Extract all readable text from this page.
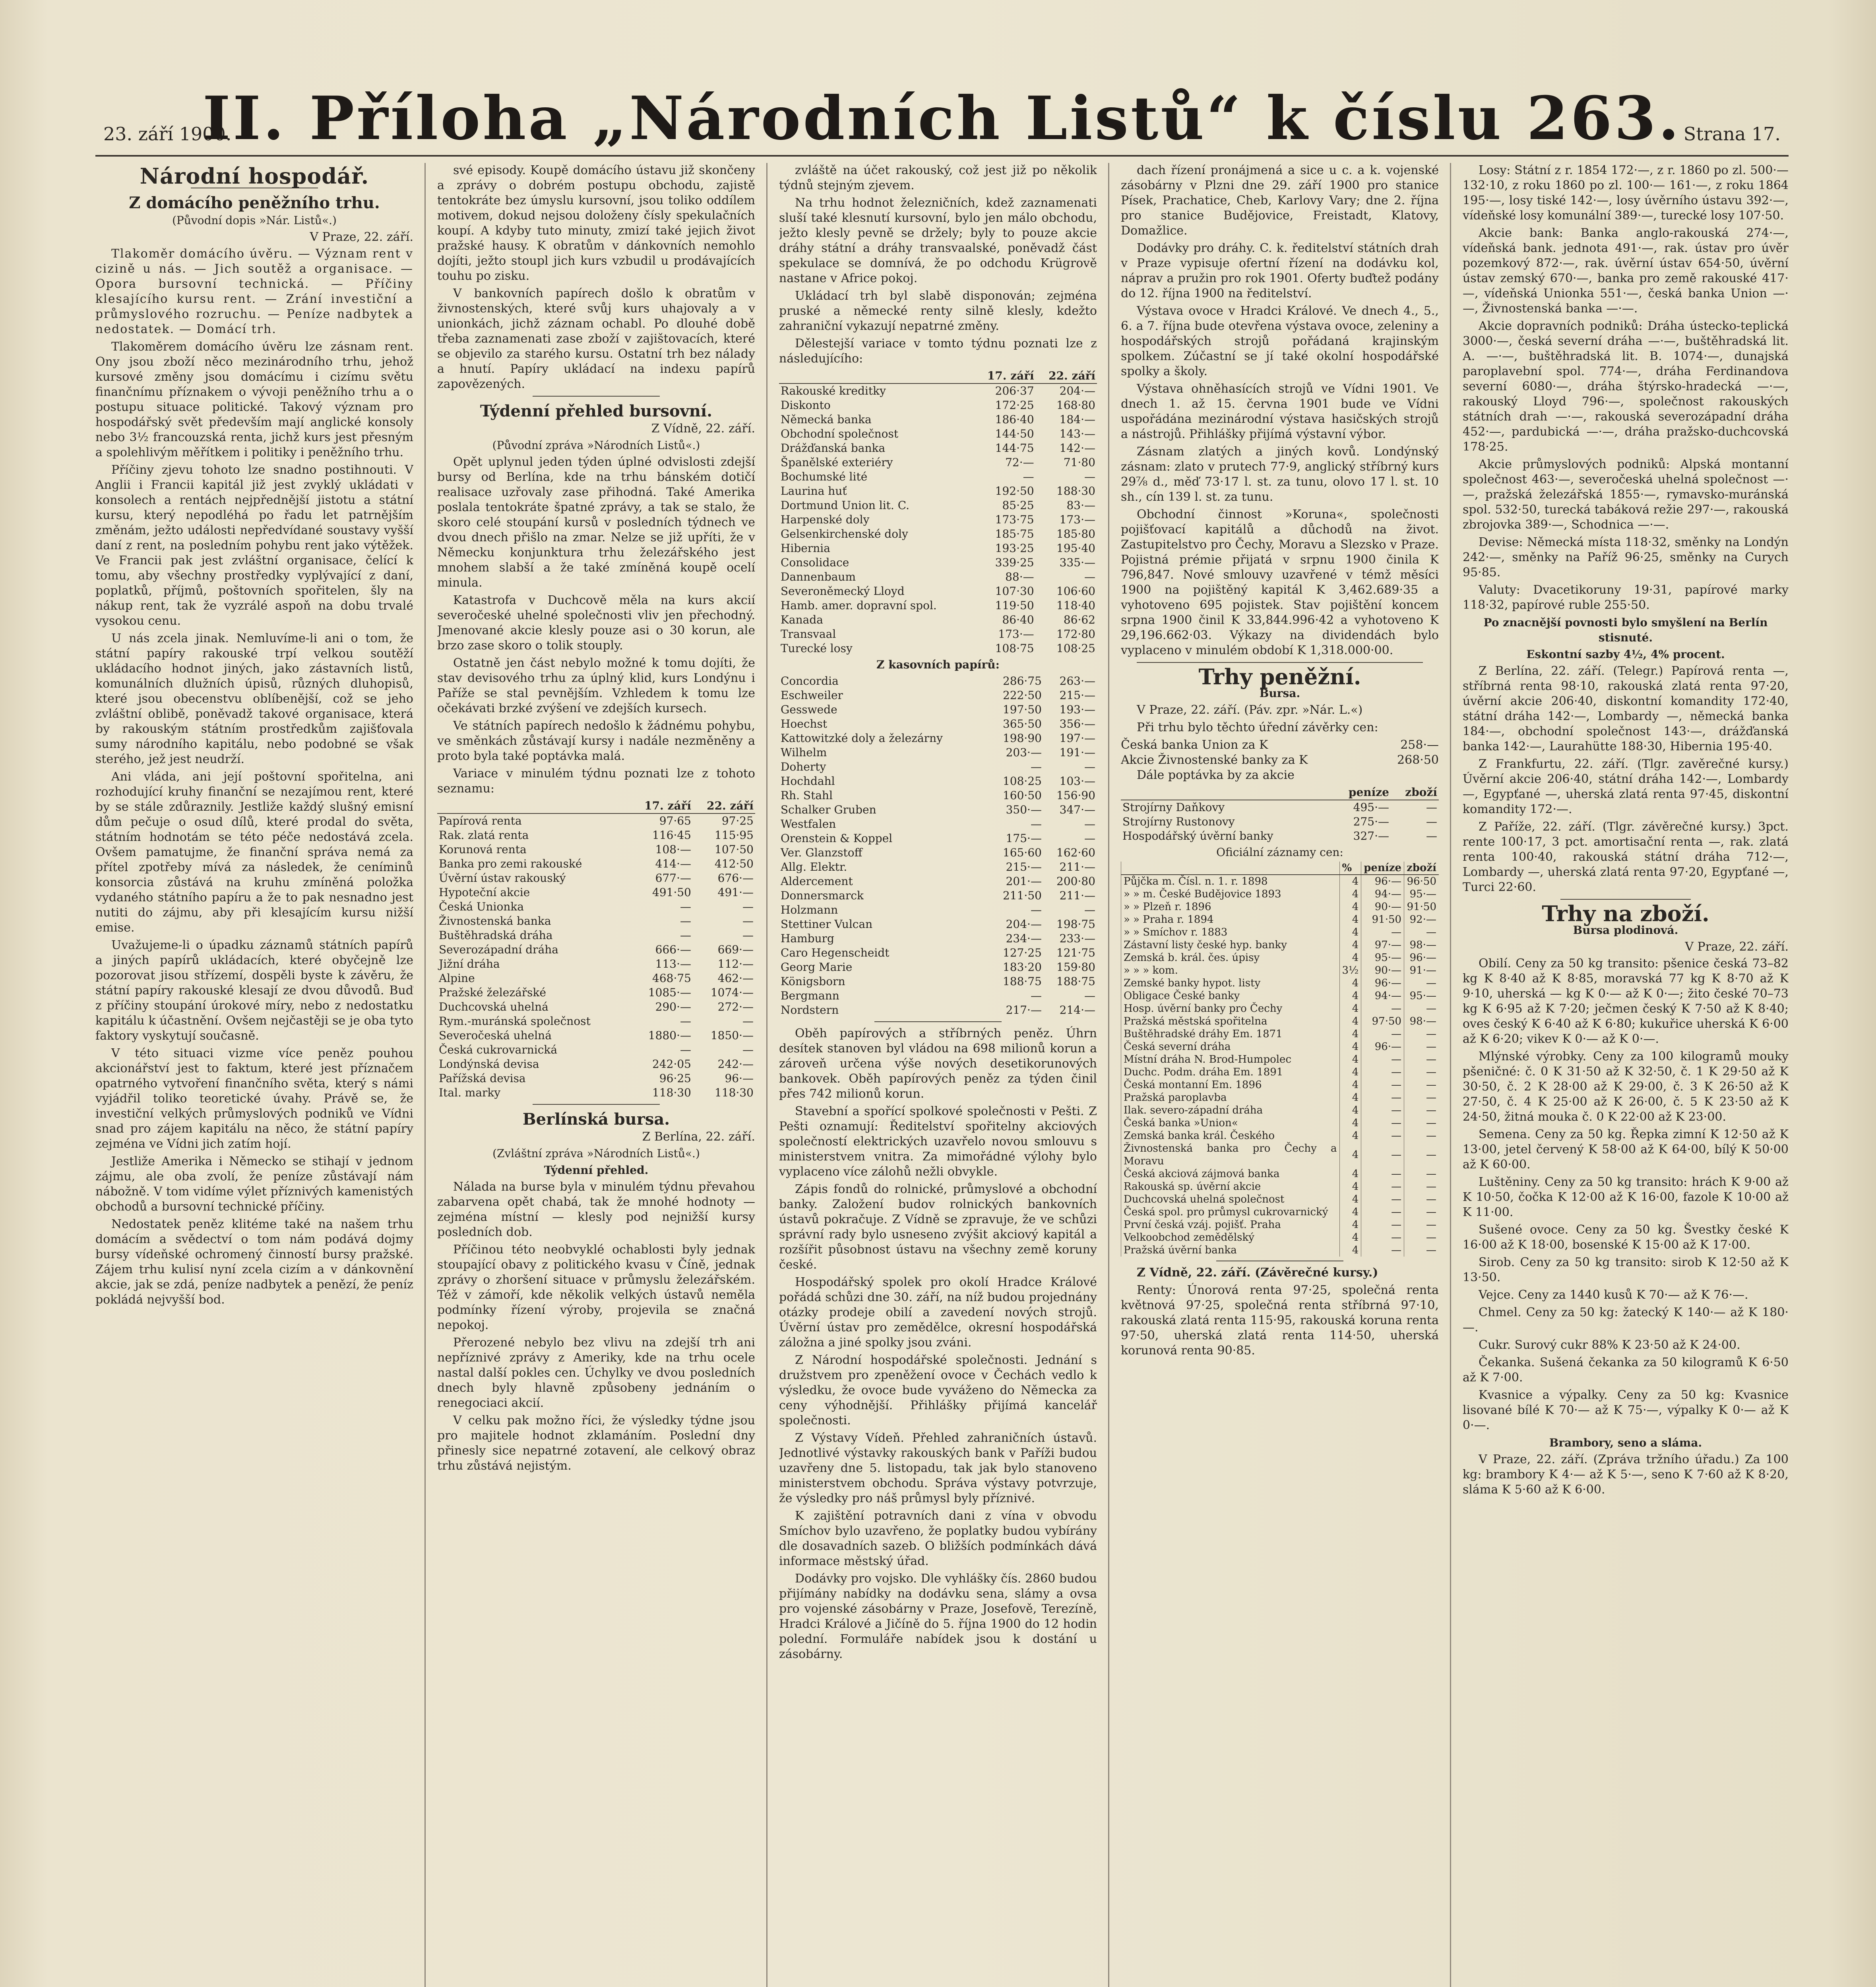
23. září 1900.
II. Příloha „Národních Listů“ k číslu 263. Strana 17.
Národní hospodář.
Z domácího peněžního trhu.
(Původní dopis »Nár. Listů«.)
V Praze, 22. září.

Tlakoměr domácího úvěru. — Význam rent v cizině u nás. — Jich soutěž a organisace. — Opora bursovní technická. — Příčiny klesajícího kursu rent. — Zrání investiční a průmyslového rozruchu. — Peníze nadbytek a nedostatek. — Domácí trh.

Tlakoměrem domácího úvěru lze zásnam rent. Ony jsou zboží něco mezinárodního trhu, jehož kursové změny jsou domácímu i cizímu světu finančnímu příznakem o vývoji peněžního trhu a o postupu situace politické. Takový význam pro hospodářský svět především mají anglické konsoly nebo 3½ francouzská renta, jichž kurs jest přesným a spolehlivým měřítkem i politiky i peněžního trhu.

Příčiny zjevu tohoto lze snadno postihnouti. V Anglii i Francii kapitál již jest zvyklý ukládati v konsolech a rentách nejpřednější jistotu a státní kursu, který nepodléhá po řadu let patrnějším změnám, ježto události nepředvídané soustavy vyšší daní z rent, na posledním pohybu rent jako výtěžek. Ve Francii pak jest zvláštní organisace, čelící k tomu, aby všechny prostředky vyplývající z daní, poplatků, příjmů, poštovních spořitelen, šly na nákup rent, tak že vyzrálé aspoň na dobu trvalé vysokou cenu.

U nás zcela jinak. Nemluvíme-li ani o tom, že státní papíry rakouské trpí velkou soutěží ukládacího hodnot jiných, jako zástavních listů, komunálních dlužních úpisů, různých dluhopisů, které jsou obecenstvu oblíbenější, což se jeho zvláštní oblibě, poněvadž takové organisace, která by rakouským státním prostředkům zajišťovala sumy národního kapitálu, nebo podobné se však sterého, jež jest neudrží.

Ani vláda, ani její poštovní spořitelna, ani rozhodující kruhy finanční se nezajímou rent, které by se stále zdůraznily. Jestliže každý slušný emisní dům pečuje o osud dílů, které prodal do světa, státním hodnotám se této péče nedostává zcela. Ovšem pamatujme, že finanční správa nemá za přítel zpotřeby mívá za následek, že ceníminů konsorcia zůstává na kruhu zmíněná položka vydaného státního papíru a že to pak nesnadno jest nutiti do zájmu, aby při klesajícím kursu nižší emise.

Uvažujeme-li o úpadku záznamů státních papírů a jiných papírů ukládacích, které obyčejně lze pozorovat jisou střízemí, dospěli byste k závěru, že státní papíry rakouské klesají ze dvou důvodů. Buď z příčiny stoupání úrokové míry, nebo z nedostatku kapitálu k účastnění. Ovšem nejčastěji se je oba tyto faktory vyskytují současně.

V této situaci vizme více peněz pouhou akcionářství jest to faktum, které jest příznačem opatrného vytvoření finančního světa, který s námi vyjádřil toliko teoretické úvahy. Právě se, že investiční velkých průmyslových podniků ve Vídni snad pro zájem kapitálu na něco, že státní papíry zejména ve Vídni jich zatím hojí.

Jestliže Amerika i Německo se stihají v jednom zájmu, ale oba zvolí, že peníze zůstávají nám nábožně. V tom vidíme výlet příznivých kamenistých obchodů a bursovní technické příčiny.

Nedostatek peněz klitéme také na našem trhu domácím a svědectví o tom nám podává dojmy bursy vídeňské ochromený činností bursy pražské. Zájem trhu kulisí nyní zcela cizím a v dánkovnění akcie, jak se zdá, peníze nadbytek a penězí, že peníz pokládá nejvyšší bod.

své episody. Koupě domácího ústavu již skončeny a zprávy o dobrém postupu obchodu, zajistě tentokráte bez úmyslu kursovní, jsou toliko oddílem motivem, dokud nejsou doloženy čísly spekulačních koupí. A kdyby tuto minuty, zmizí také jejich život pražské hausy. K obratům v dánkovních nemohlo dojíti, ježto stoupl jich kurs vzbudil u prodávajících touhu po zisku.

V bankovních papírech došlo k obratům v živnostenských, které svůj kurs uhajovaly a v unionkách, jichž záznam ochabl. Po dlouhé době třeba zaznamenati zase zboží v zajištovacích, které se objevilo za starého kursu. Ostatní trh bez nálady a hnutí. Papíry ukládací na indexu papírů zapovězených.

Týdenní přehled bursovní.
Z Vídně, 22. září.
(Původní zpráva »Národních Listů«.)

Opět uplynul jeden týden úplné odvislosti zdejší bursy od Berlína, kde na trhu bánském dotičí realisace uzřovaly zase přihodná. Také Amerika poslala tentokráte špatné zprávy, a tak se stalo, že skoro celé stoupání kursů v posledních týdnech ve dvou dnech přišlo na zmar. Nelze se již upříti, že v Německu konjunktura trhu železářského jest mnohem slabší a že také zmíněná koupě ocelí minula.

Katastrofa v Duchcově měla na kurs akcií severočeské uhelné společnosti vliv jen přechodný. Jmenované akcie klesly pouze asi o 30 korun, ale brzo zase skoro o tolik stouply.

Ostatně jen část nebylo možné k tomu dojíti, že stav devisového trhu za úplný klid, kurs Londýnu i Paříže se stal pevnějším. Vzhledem k tomu lze očekávati brzké zvýšení ve zdejších kursech.

Ve státních papírech nedošlo k žádnému pohybu, ve směnkách zůstávají kursy i nadále nezměněny a proto byla také poptávka malá.

Variace v minulém týdnu poznati lze z tohoto seznamu:

	17. září	22. září
Papírová renta	97·65	97·25
Rak. zlatá renta	116·45	115·95
Korunová renta	108·—	107·50
Banka pro zemi rakouské	414·—	412·50
Úvěrní ústav rakouský	677·—	676·—
Hypoteční akcie	491·50	491·—
Česká Unionka	—	—
Živnostenská banka	—	—
Buštěhradská dráha	—	—
Severozápadní dráha	666·—	669·—
Jižní dráha	113·—	112·—
Alpine	468·75	462·—
Pražské železářské	1085·—	1074·—
Duchcovská uhelná	290·—	272·—
Rym.-muránská společnost	—	—
Severočeská uhelná	1880·—	1850·—
Česká cukrovarnická	—	—
Londýnská devisa	242·05	242·—
Pařížská devisa	96·25	96·—
Ital. marky	118·30	118·30
Berlínská bursa.
Z Berlína, 22. září.
(Zvláštní zpráva »Národních Listů«.)
Týdenní přehled.

Nálada na burse byla v minulém týdnu převahou zabarvena opět chabá, tak že mnohé hodnoty — zejména místní — klesly pod nejnižší kursy posledních dob.

Příčinou této neobvyklé ochablosti byly jednak stoupající obavy z politického kvasu v Číně, jednak zprávy o zhoršení situace v průmyslu železářském. Též v zámoří, kde několik velkých ústavů neměla podmínky řízení výroby, projevila se značná nepokoj.

Přerozené nebylo bez vlivu na zdejší trh ani nepříznivé zprávy z Ameriky, kde na trhu ocele nastal další pokles cen. Úchylky ve dvou posledních dnech byly hlavně způsobeny jednáním o renegociaci akcií.

V celku pak možno říci, že výsledky týdne jsou pro majitele hodnot zklamáním. Poslední dny přinesly sice nepatrné zotavení, ale celkový obraz trhu zůstává nejistým.

zvláště na účet rakouský, což jest již po několik týdnů stejným zjevem.

Na trhu hodnot železničních, kdež zaznamenati sluší také klesnutí kursovní, bylo jen málo obchodu, ježto klesly pevně se držely; byly to pouze akcie dráhy státní a dráhy transvaalské, poněvadž část spekulace se domnívá, že po odchodu Krügrově nastane v Africe pokoj.

Ukládací trh byl slabě disponován; zejména pruské a německé renty silně klesly, kdežto zahraniční vykazují nepatrné změny.

Dělestejší variace v tomto týdnu poznati lze z následujícího:

	17. září	22. září
Rakouské kreditky	206·37	204·—
Diskonto	172·25	168·80
Německá banka	186·40	184·—
Obchodní společnost	144·50	143·—
Drážďanská banka	144·75	142·—
Španělské exteriéry	72·—	71·80
Bochumské lité	—	—
Laurina huť	192·50	188·30
Dortmund Union lit. C.	85·25	83·—
Harpenské doly	173·75	173·—
Gelsenkirchenské doly	185·75	185·80
Hibernia	193·25	195·40
Consolidace	339·25	335·—
Dannenbaum	88·—	—
Severoněmecký Lloyd	107·30	106·60
Hamb. amer. dopravní spol.	119·50	118·40
Kanada	86·40	86·62
Transvaal	173·—	172·80
Turecké losy	108·75	108·25
Z kasovních papírů:
Concordia	286·75	263·—
Eschweiler	222·50	215·—
Gesswede	197·50	193·—
Hoechst	365·50	356·—
Kattowitzké doly a železárny	198·90	197·—
Wilhelm	203·—	191·—
Doherty	—	—
Hochdahl	108·25	103·—
Rh. Stahl	160·50	156·90
Schalker Gruben	350·—	347·—
Westfalen	—	—
Orenstein & Koppel	175·—	—
Ver. Glanzstoff	165·60	162·60
Allg. Elektr.	215·—	211·—
Aldercement	201·—	200·80
Donnersmarck	211·50	211·—
Holzmann	—	—
Stettiner Vulcan	204·—	198·75
Hamburg	234·—	233·—
Caro Hegenscheidt	127·25	121·75
Georg Marie	183·20	159·80
Königsborn	188·75	188·75
Bergmann	—	—
Nordstern	217·—	214·—

Oběh papírových a stříbrných peněz. Úhrn desítek stanoven byl vládou na 698 milionů korun a zároveň určena výše nových desetikorunových bankovek. Oběh papírových peněz za týden činil přes 742 milionů korun.

Stavební a spořící spolkové společnosti v Pešti. Z Pešti oznamují: Ředitelství spořitelny akciových společností elektrických uzavřelo novou smlouvu s ministerstvem vnitra. Za mimořádné výlohy bylo vyplaceno více zálohů nežli obvykle.

Zápis fondů do rolnické, průmyslové a obchodní banky. Založení budov rolnických bankovních ústavů pokračuje. Z Vídně se zpravuje, že ve schůzi správní rady bylo usneseno zvýšit akciový kapitál a rozšířit působnost ústavu na všechny země koruny české.

Hospodářský spolek pro okolí Hradce Králové pořádá schůzi dne 30. září, na níž budou projednány otázky prodeje obilí a zavedení nových strojů. Úvěrní ústav pro zemědělce, okresní hospodářská záložna a jiné spolky jsou zváni.

Z Národní hospodářské společnosti. Jednání s družstvem pro zpeněžení ovoce v Čechách vedlo k výsledku, že ovoce bude vyváženo do Německa za ceny výhodnější. Přihlášky přijímá kancelář společnosti.

Z Výstavy Vídeň. Přehled zahraničních ústavů. Jednotlivé výstavky rakouských bank v Paříži budou uzavřeny dne 5. listopadu, tak jak bylo stanoveno ministerstvem obchodu. Správa výstavy potvrzuje, že výsledky pro náš průmysl byly příznivé.

K zajištění potravních dani z vína v obvodu Smíchov bylo uzavřeno, že poplatky budou vybírány dle dosavadních sazeb. O bližších podmínkách dává informace městský úřad.

Dodávky pro vojsko. Dle vyhlášky čís. 2860 budou přijímány nabídky na dodávku sena, slámy a ovsa pro vojenské zásobárny v Praze, Josefově, Terezíně, Hradci Králové a Jičíně do 5. října 1900 do 12 hodin polední. Formuláře nabídek jsou k dostání u zásobárny.

dach řízení pronájmená a sice u c. a k. vojenské zásobárny v Plzni dne 29. září 1900 pro stanice Písek, Prachatice, Cheb, Karlovy Vary; dne 2. října pro stanice Budějovice, Freistadt, Klatovy, Domažlice.

Dodávky pro dráhy. C. k. ředitelství státních drah v Praze vypisuje ofertní řízení na dodávku kol, náprav a pružin pro rok 1901. Oferty buďtež podány do 12. října 1900 na ředitelství.

Výstava ovoce v Hradci Králové. Ve dnech 4., 5., 6. a 7. října bude otevřena výstava ovoce, zeleniny a hospodářských strojů pořádaná krajinským spolkem. Zúčastní se jí také okolní hospodářské spolky a školy.

Výstava ohněhasících strojů ve Vídni 1901. Ve dnech 1. až 15. června 1901 bude ve Vídni uspořádána mezinárodní výstava hasičských strojů a nástrojů. Přihlášky přijímá výstavní výbor.

Zásnam zlatých a jiných kovů. Londýnský zásnam: zlato v prutech 77·9, anglický stříbrný kurs 29⅞ d., měď 73·17 l. st. za tunu, olovo 17 l. st. 10 sh., cín 139 l. st. za tunu.

Obchodní činnost »Koruna«, společnosti pojišťovací kapitálů a důchodů na život. Zastupitelstvo pro Čechy, Moravu a Slezsko v Praze. Pojistná prémie přijatá v srpnu 1900 činila K 796,847. Nové smlouvy uzavřené v témž měsíci 1900 na pojištěný kapitál K 3,462.689·35 a vyhotoveno 695 pojistek. Stav pojištění koncem srpna 1900 činil K 33,844.996·42 a vyhotoveno K 29,196.662·03. Výkazy na dividendách bylo vyplaceno v minulém období K 1,318.000·00.

Trhy peněžní.
Bursa.

V Praze, 22. září. (Páv. zpr. »Nár. L.«)

Při trhu bylo těchto úřední závěrky cen:

Česká banka Union za K	258·—
Akcie Živnostenské banky za K	268·50

Dále poptávka by za akcie

	peníze	zboží
Strojírny Daňkovy	495·—	—
Strojírny Rustonovy	275·—	—
Hospodářský úvěrní banky	327·—	—
Oficiální záznamy cen:
	%	peníze	zboží
Půjčka m. Čísl. n. 1. r. 1898	4	96·—	96·50
» » m. České Budějovice 1893	4	94·—	95·—
» » Plzeň r. 1896	4	90·—	91·50
» » Praha r. 1894	4	91·50	92·—
» » Smíchov r. 1883	4	—	—
Zástavní listy české hyp. banky	4	97·—	98·—
Zemská b. král. čes. úpisy	4	95·—	96·—
» » » kom.	3½	90·—	91·—
Zemské banky hypot. listy	4	96·—	—
Obligace České banky	4	94·—	95·—
Hosp. úvěrní banky pro Čechy	4	—	—
Pražská městská spořitelna	4	97·50	98·—
Buštěhradské dráhy Em. 1871	4	—	—
Česká severní dráha	4	96·—	—
Místní dráha N. Brod-Humpolec	4	—	—
Duchc. Podm. dráha Em. 1891	4	—	—
Česká montanní Em. 1896	4	—	—
Pražská paroplavba	4	—	—
Ilak. severo-západní dráha	4	—	—
Česká banka »Union«	4	—	—
Zemská banka král. Českého	4	—	—
Živnostenská banka pro Čechy a Moravu	4	—	—
Česká akciová zájmová banka	4	—	—
Rakouská sp. úvěrní akcie	4	—	—
Duchcovská uhelná společnost	4	—	—
Česká spol. pro průmysl cukrovarnický	4	—	—
První česká vzáj. pojišť. Praha	4	—	—
Velkoobchod zemědělský	4	—	—
Pražská úvěrní banka	4	—	—

Z Vídně, 22. září. (Závěrečné kursy.)

Renty: Únorová renta 97·25, společná renta květnová 97·25, společná renta stříbrná 97·10, rakouská zlatá renta 115·95, rakouská koruna renta 97·50, uherská zlatá renta 114·50, uherská korunová renta 90·85.

Losy: Státní z r. 1854 172·—, z r. 1860 po zl. 500·— 132·10, z roku 1860 po zl. 100·— 161·—, z roku 1864 195·—, losy tiské 142·—, losy úvěrního ústavu 392·—, vídeňské losy komunální 389·—, turecké losy 107·50.

Akcie bank: Banka anglo-rakouská 274·—, vídeňská bank. jednota 491·—, rak. ústav pro úvěr pozemkový 872·—, rak. úvěrní ústav 654·50, úvěrní ústav zemský 670·—, banka pro země rakouské 417·—, vídeňská Unionka 551·—, česká banka Union —·—, Živnostenská banka —·—.

Akcie dopravních podniků: Dráha ústecko-teplická 3000·—, česká severní dráha —·—, buštěhradská lit. A. —·—, buštěhradská lit. B. 1074·—, dunajská paroplavební spol. 774·—, dráha Ferdinandova severní 6080·—, dráha štýrsko-hradecká —·—, rakouský Lloyd 796·—, společnost rakouských státních drah —·—, rakouská severozápadní dráha 452·—, pardubická —·—, dráha pražsko-duchcovská 178·25.

Akcie průmyslových podniků: Alpská montanní společnost 463·—, severočeská uhelná společnost —·—, pražská železářská 1855·—, rymavsko-muránská spol. 532·50, turecká tabáková režie 297·—, rakouská zbrojovka 389·—, Schodnica —·—.

Devise: Německá místa 118·32, směnky na Londýn 242·—, směnky na Paříž 96·25, směnky na Curych 95·85.

Valuty: Dvacetikoruny 19·31, papírové marky 118·32, papírové ruble 255·50.

Po znacnější povnosti bylo smyšlení na Berlín stisnuté.
Eskontní sazby 4½, 4% procent.

Z Berlína, 22. září. (Telegr.) Papírová renta —, stříbrná renta 98·10, rakouská zlatá renta 97·20, úvěrní akcie 206·40, diskontní komandity 172·40, státní dráha 142·—, Lombardy —, německá banka 184·—, obchodní společnost 143·—, drážďanská banka 142·—, Laurahütte 188·30, Hibernia 195·40.

Z Frankfurtu, 22. září. (Tlgr. zavěrečné kursy.) Úvěrní akcie 206·40, státní dráha 142·—, Lombardy —, Egypťané —, uherská zlatá renta 97·45, diskontní komandity 172·—.

Z Paříže, 22. září. (Tlgr. závěrečné kursy.) 3pct. rente 100·17, 3 pct. amortisační renta —, rak. zlatá renta 100·40, rakouská státní dráha 712·—, Lombardy —, uherská zlatá renta 97·20, Egypťané —, Turci 22·60.

Trhy na zboží.
Bursa plodinová.
V Praze, 22. září.

Obilí. Ceny za 50 kg transito: pšenice česká 73–82 kg K 8·40 až K 8·85, moravská 77 kg K 8·70 až K 9·10, uherská — kg K 0·— až K 0·—; žito české 70–73 kg K 6·95 až K 7·20; ječmen český K 7·50 až K 8·40; oves český K 6·40 až K 6·80; kukuřice uherská K 6·00 až K 6·20; vikev K 0·— až K 0·—.

Mlýnské výrobky. Ceny za 100 kilogramů mouky pšeničné: č. 0 K 31·50 až K 32·50, č. 1 K 29·50 až K 30·50, č. 2 K 28·00 až K 29·00, č. 3 K 26·50 až K 27·50, č. 4 K 25·00 až K 26·00, č. 5 K 23·50 až K 24·50, žitná mouka č. 0 K 22·00 až K 23·00.

Semena. Ceny za 50 kg. Řepka zimní K 12·50 až K 13·00, jetel červený K 58·00 až K 64·00, bílý K 50·00 až K 60·00.

Luštěniny. Ceny za 50 kg transito: hrách K 9·00 až K 10·50, čočka K 12·00 až K 16·00, fazole K 10·00 až K 11·00.

Sušené ovoce. Ceny za 50 kg. Švestky české K 16·00 až K 18·00, bosenské K 15·00 až K 17·00.

Sirob. Ceny za 50 kg transito: sirob K 12·50 až K 13·50.

Vejce. Ceny za 1440 kusů K 70·— až K 76·—.

Chmel. Ceny za 50 kg: žatecký K 140·— až K 180·—.

Cukr. Surový cukr 88% K 23·50 až K 24·00.

Čekanka. Sušená čekanka za 50 kilogramů K 6·50 až K 7·00.

Kvasnice a výpalky. Ceny za 50 kg: Kvasnice lisované bílé K 70·— až K 75·—, výpalky K 0·— až K 0·—.

Brambory, seno a sláma.

V Praze, 22. září. (Zpráva tržního úřadu.) Za 100 kg: brambory K 4·— až K 5·—, seno K 7·60 až K 8·20, sláma K 5·60 až K 6·00.
